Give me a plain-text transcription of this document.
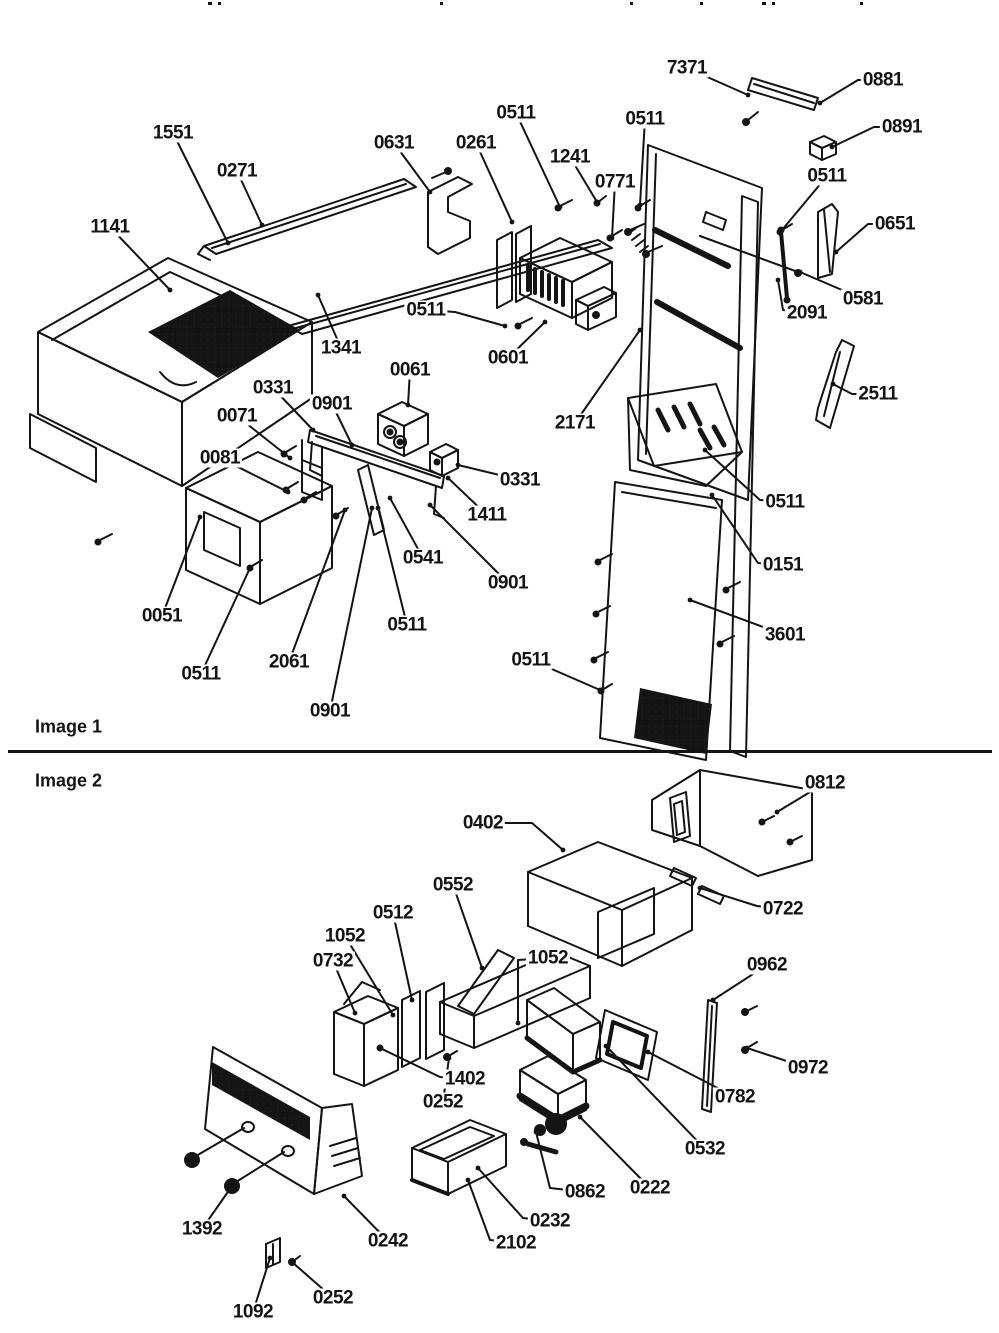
Image 1
Image 2
1551
0271
1141
0631 0261
0511
1241
0771
0511
7371
0881
0891
0511
0651
0581
2091
2511
0511
1341	0601
0061
0331
0901
0071
0081
2171
0331
1411
0511
0151
3601
0541
0901
0511
0051
0511
2061
0901
0511
0812
0402
0722
0552
0512
1052
0732	1052	0962
0972
0782
1402
0252
0532
0222
0862
0232
2102
0242
1392
1092
0252
